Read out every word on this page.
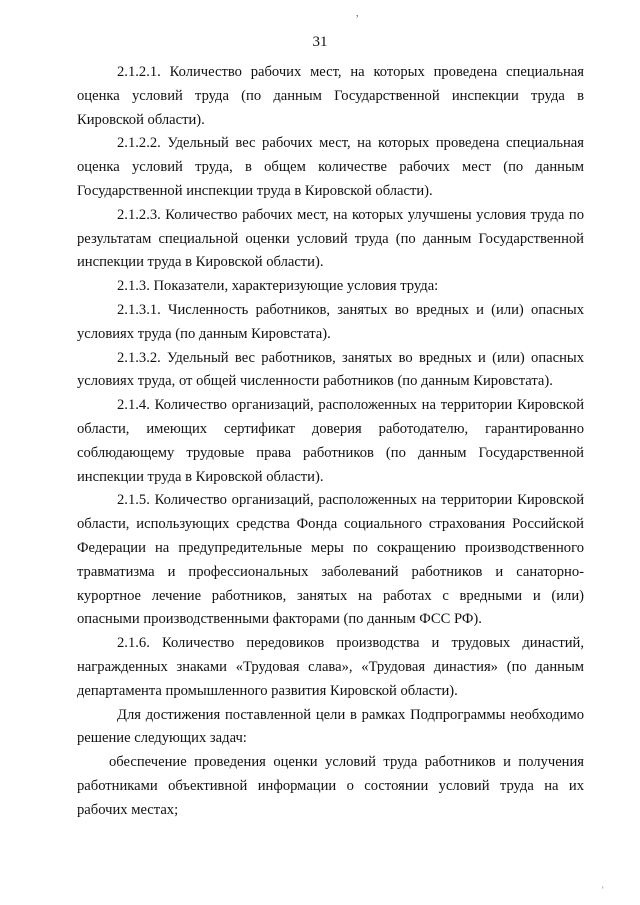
,
31

2.1.2.1. Количество рабочих мест, на которых проведена специальная оценка условий труда (по данным Государственной инспекции труда в Кировской области).

2.1.2.2. Удельный вес рабочих мест, на которых проведена специальная оценка условий труда, в общем количестве рабочих мест (по данным Государственной инспекции труда в Кировской области).

2.1.2.3. Количество рабочих мест, на которых улучшены условия труда по результатам специальной оценки условий труда (по данным Государственной инспекции труда в Кировской области).

2.1.3. Показатели, характеризующие условия труда:

2.1.3.1. Численность работников, занятых во вредных и (или) опасных условиях труда (по данным Кировстата).

2.1.3.2. Удельный вес работников, занятых во вредных и (или) опасных условиях труда, от общей численности работников (по данным Кировстата).

2.1.4. Количество организаций, расположенных на территории Кировской области, имеющих сертификат доверия работодателю, гарантированно соблюдающему трудовые права работников (по данным Государственной инспекции труда в Кировской области).

2.1.5. Количество организаций, расположенных на территории Кировской области, использующих средства Фонда социального страхования Российской Федерации на предупредительные меры по сокращению производственного травматизма и профессиональных заболеваний работников и санаторно-курортное лечение работников, занятых на работах с вредными и (или) опасными производственными факторами (по данным ФСС РФ).

2.1.6. Количество передовиков производства и трудовых династий, награжденных знаками «Трудовая слава», «Трудовая династия» (по данным департамента промышленного развития Кировской области).

Для достижения поставленной цели в рамках Подпрограммы необходимо решение следующих задач:

обеспечение проведения оценки условий труда работников и получения работниками объективной информации о состоянии условий труда на их рабочих местах;

'
